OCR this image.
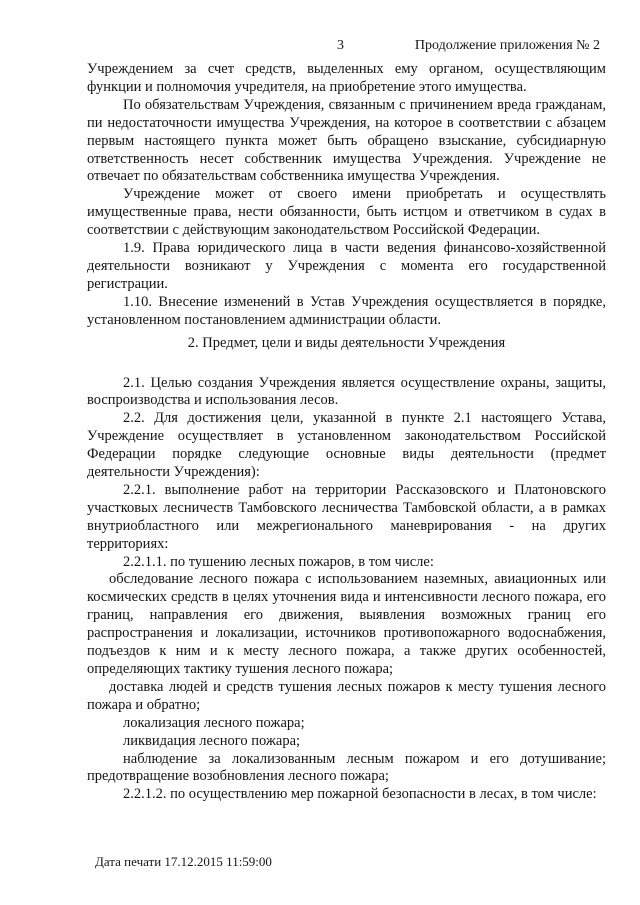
3	Продолжение приложения № 2

Учреждением за счет средств, выделенных ему органом, осуществляющим функции и полномочия учредителя, на приобретение этого имущества.

По обязательствам Учреждения, связанным с причинением вреда гражданам, пи недостаточности имущества Учреждения, на которое в соответствии с абзацем первым настоящего пункта может быть обращено взыскание, субсидиарную ответственность несет собственник имущества Учреждения. Учреждение не отвечает по обязательствам собственника имущества Учреждения.

Учреждение может от своего имени приобретать и осуществлять имущественные права, нести обязанности, быть истцом и ответчиком в судах в соответствии с действующим законодательством Российской Федерации.

1.9. Права юридического лица в части ведения финансово-хозяйственной деятельности возникают у Учреждения с момента его государственной регистрации.

1.10. Внесение изменений в Устав Учреждения осуществляется в порядке, установленном постановлением администрации области.

2. Предмет, цели и виды деятельности Учреждения

2.1. Целью создания Учреждения является осуществление охраны, защиты, воспроизводства и использования лесов.

2.2. Для достижения цели, указанной в пункте 2.1 настоящего Устава, Учреждение осуществляет в установленном законодательством Российской Федерации порядке следующие основные виды деятельности (предмет деятельности Учреждения):

2.2.1. выполнение работ на территории Рассказовского и Платоновского участковых лесничеств Тамбовского лесничества Тамбовской области, а в рамках внутриобластного или межрегионального маневрирования - на других территориях:

2.2.1.1. по тушению лесных пожаров, в том числе:

обследование лесного пожара с использованием наземных, авиационных или космических средств в целях уточнения вида и интенсивности лесного пожара, его границ, направления его движения, выявления возможных границ его распространения и локализации, источников противопожарного водоснабжения, подъездов к ним и к месту лесного пожара, а также других особенностей, определяющих тактику тушения лесного пожара;

доставка людей и средств тушения лесных пожаров к месту тушения лесного пожара и обратно;

локализация лесного пожара;

ликвидация лесного пожара;

наблюдение за локализованным лесным пожаром и его дотушивание; предотвращение возобновления лесного пожара;

2.2.1.2. по осуществлению мер пожарной безопасности в лесах, в том числе:

Дата печати 17.12.2015 11:59:00
